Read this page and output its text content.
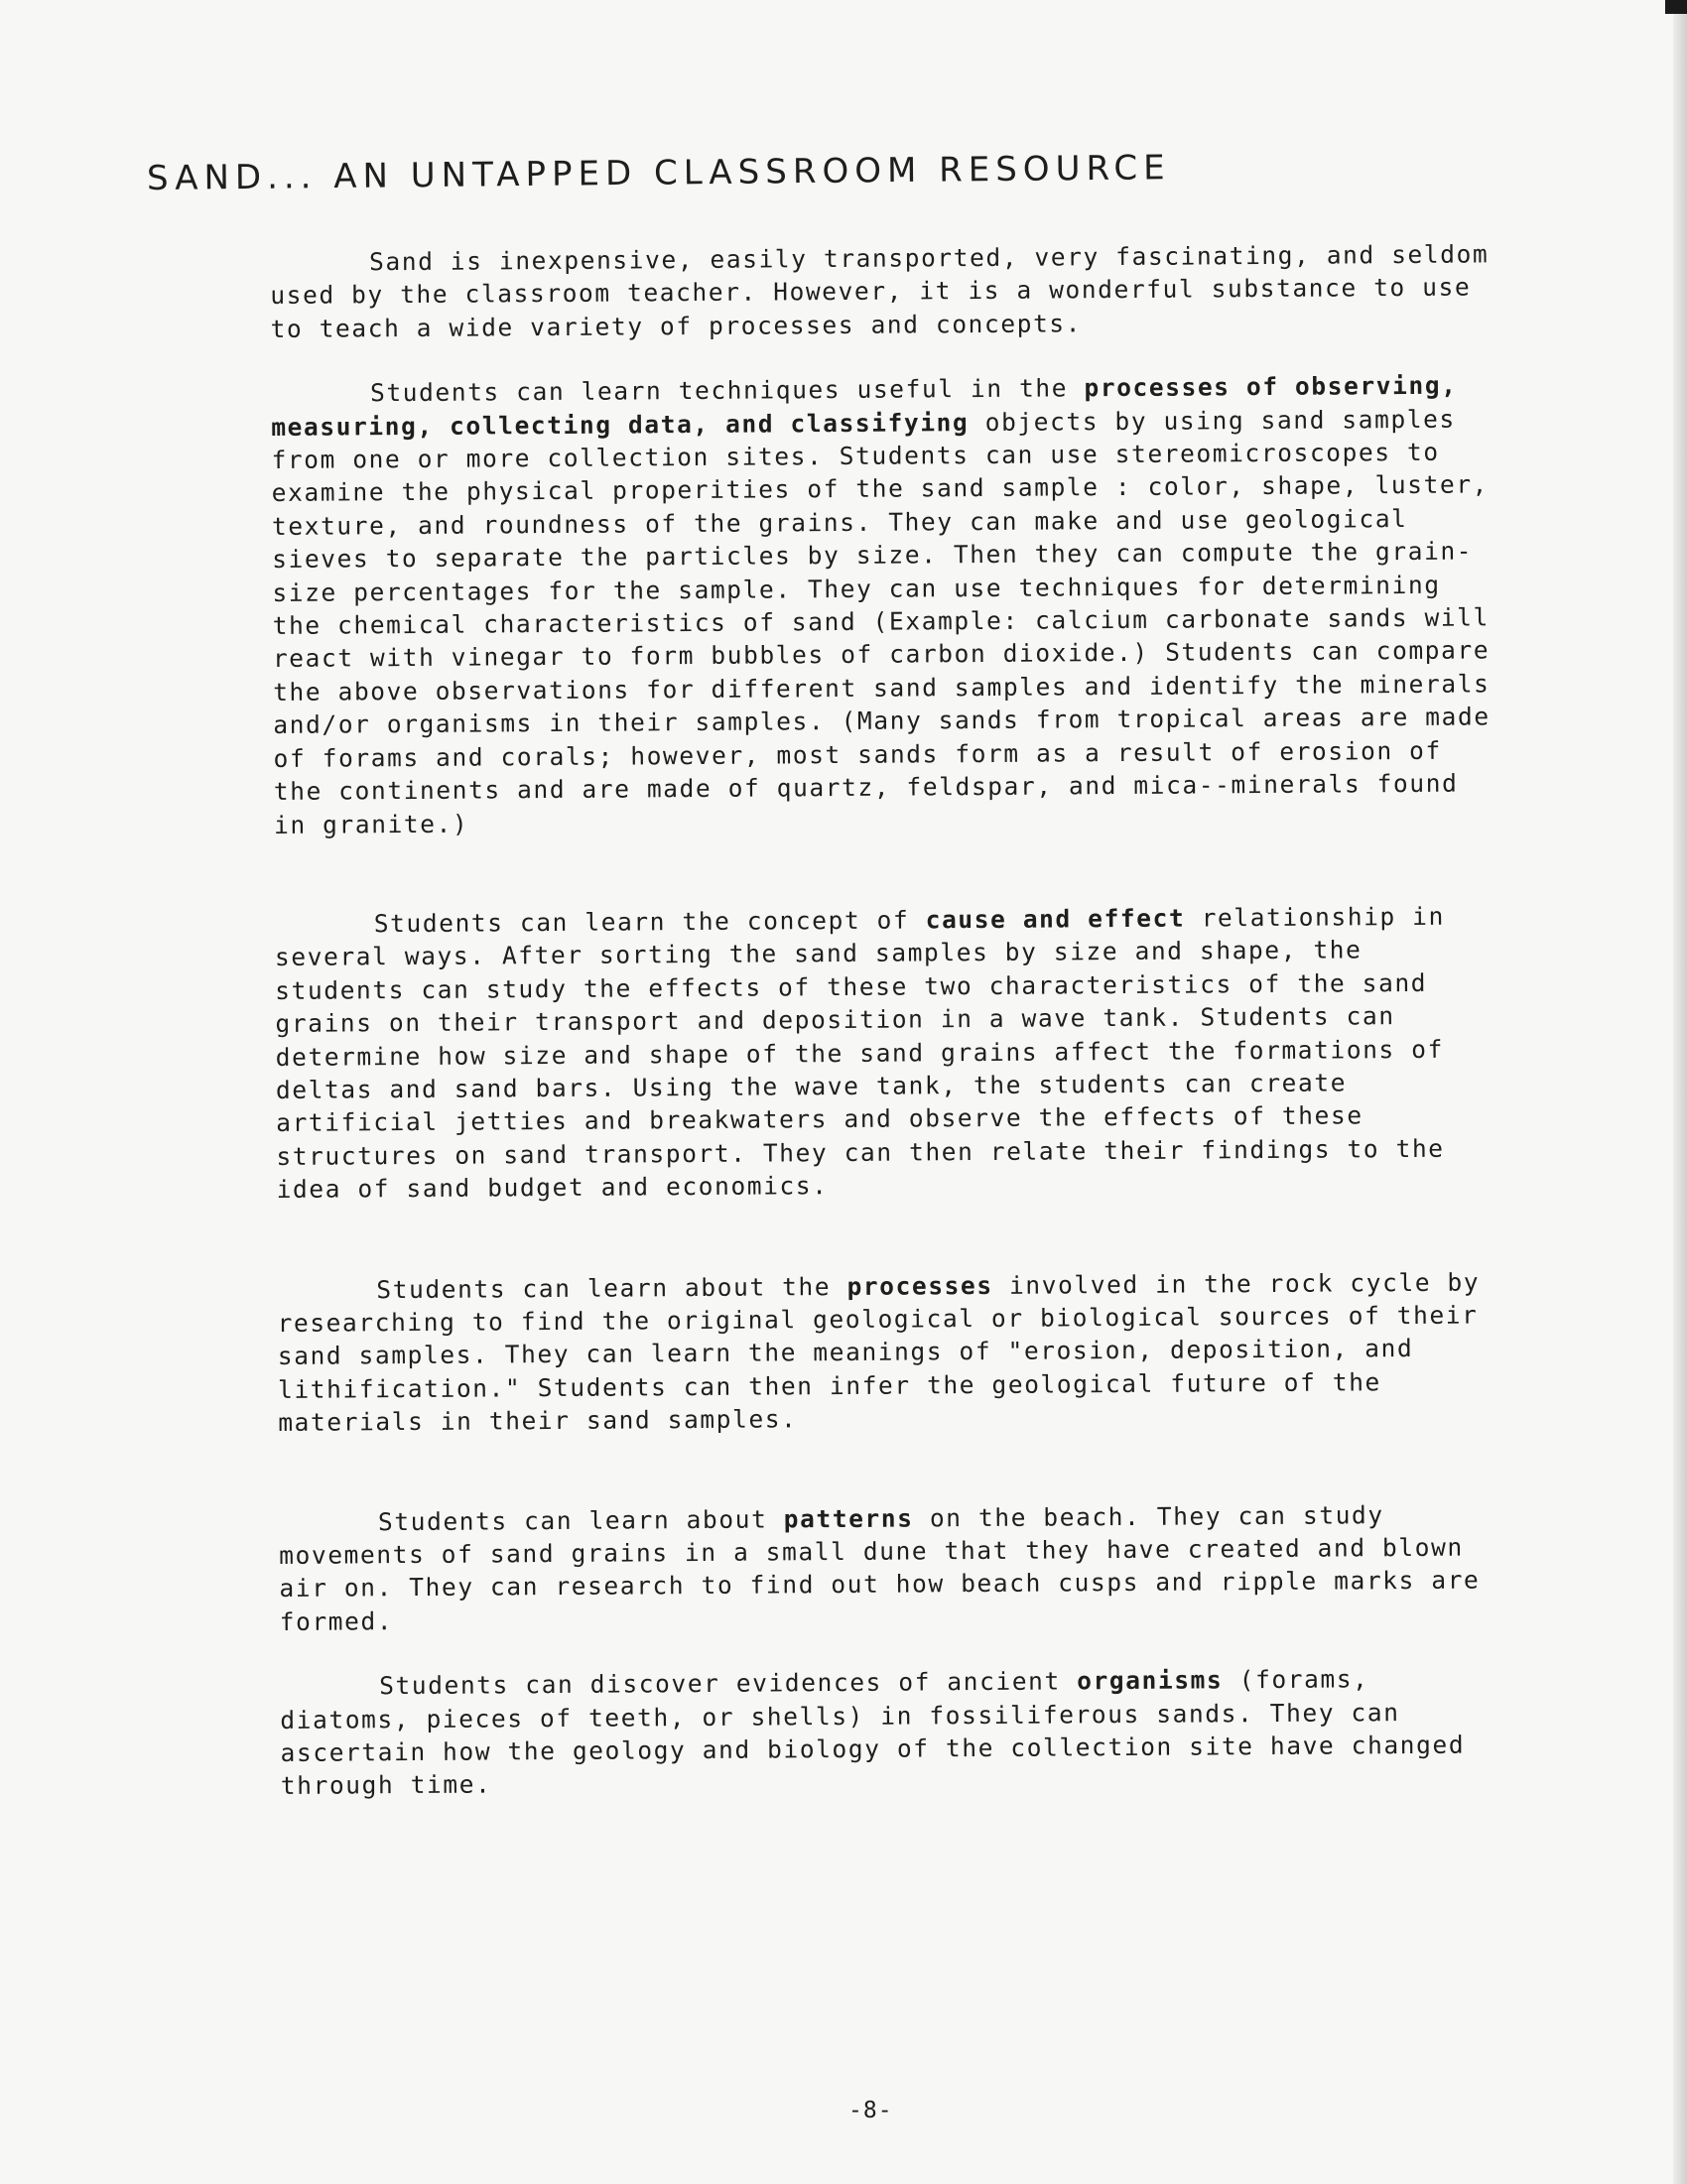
SAND... AN UNTAPPED CLASSROOM RESOURCE

Sand is inexpensive, easily transported, very fascinating, and seldom used by the classroom teacher. However, it is a wonderful substance to use to teach a wide variety of processes and concepts.

Students can learn techniques useful in the processes of observing, measuring, collecting data, and classifying objects by using sand samples from one or more collection sites. Students can use stereomicroscopes to examine the physical properities of the sand sample : color, shape, luster, texture, and roundness of the grains. They can make and use geological sieves to separate the particles by size. Then they can compute the grain-size percentages for the sample. They can use techniques for determining the chemical characteristics of sand (Example: calcium carbonate sands will react with vinegar to form bubbles of carbon dioxide.) Students can compare the above observations for different sand samples and identify the minerals and/or organisms in their samples. (Many sands from tropical areas are made of forams and corals; however, most sands form as a result of erosion of the continents and are made of quartz, feldspar, and mica--minerals found in granite.)

Students can learn the concept of cause and effect relationship in several ways. After sorting the sand samples by size and shape, the students can study the effects of these two characteristics of the sand grains on their transport and deposition in a wave tank. Students can determine how size and shape of the sand grains affect the formations of deltas and sand bars. Using the wave tank, the students can create artificial jetties and breakwaters and observe the effects of these structures on sand transport. They can then relate their findings to the idea of sand budget and economics.

Students can learn about the processes involved in the rock cycle by researching to find the original geological or biological sources of their sand samples. They can learn the meanings of "erosion, deposition, and lithification." Students can then infer the geological future of the materials in their sand samples.

Students can learn about patterns on the beach. They can study movements of sand grains in a small dune that they have created and blown air on. They can research to find out how beach cusps and ripple marks are formed.

Students can discover evidences of ancient organisms (forams, diatoms, pieces of teeth, or shells) in fossiliferous sands. They can ascertain how the geology and biology of the collection site have changed through time.

-8-
